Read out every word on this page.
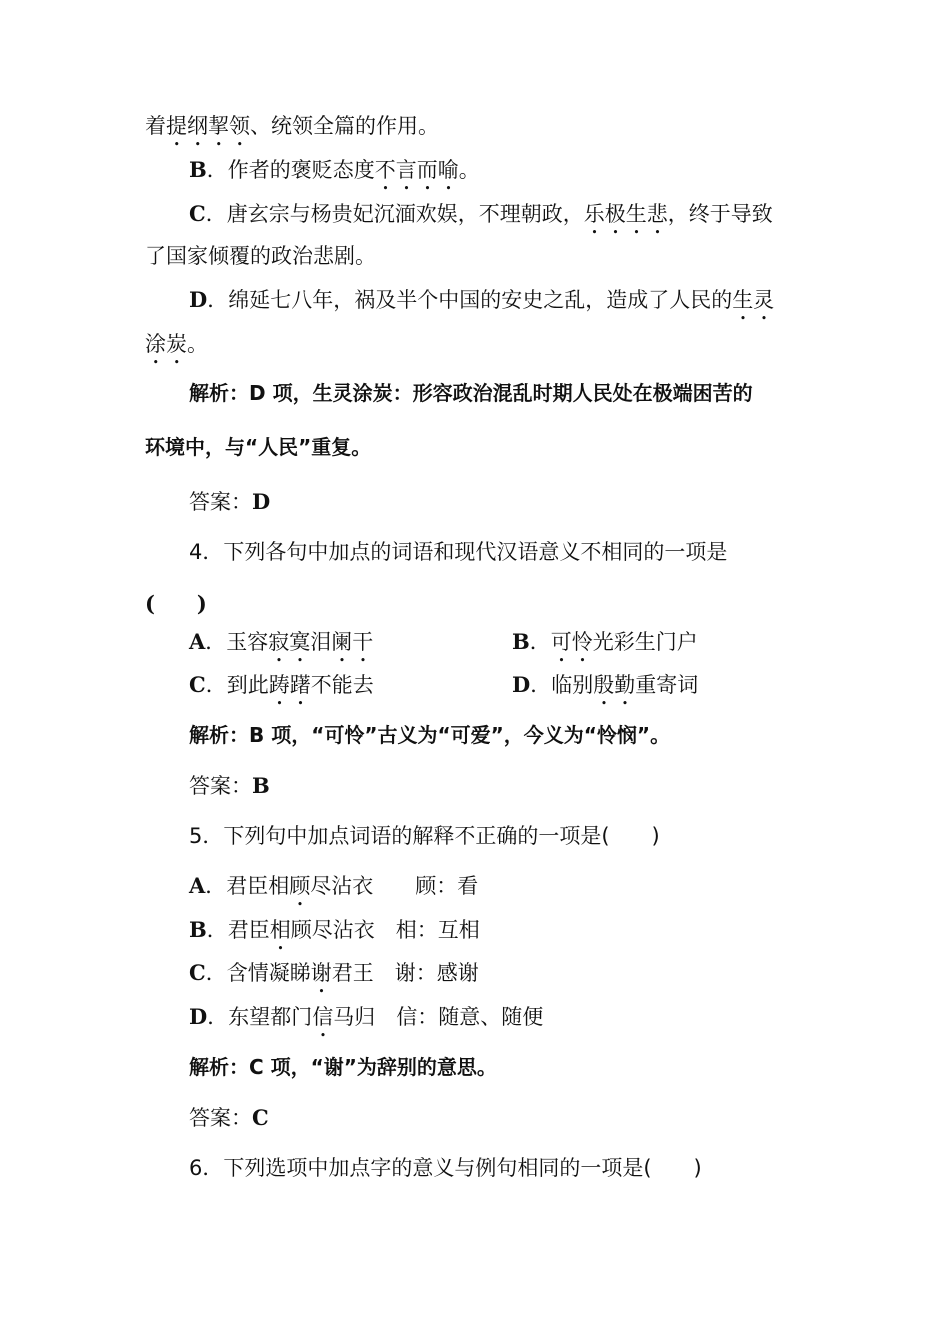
着提纲挈领、统领全篇的作用。
B．作者的褒贬态度不言而喻。
C．唐玄宗与杨贵妃沉湎欢娱，不理朝政，乐极生悲，终于导致
了国家倾覆的政治悲剧。
D．绵延七八年，祸及半个中国的安史之乱，造成了人民的生灵
涂炭。
解析：D 项，生灵涂炭：形容政治混乱时期人民处在极端困苦的
环境中，与“人民”重复。
答案：D
4．下列各句中加点的词语和现代汉语意义不相同的一项是
(　　)
A．玉容寂寞泪阑干	B．可怜光彩生门户
C．到此踌躇不能去	D．临别殷勤重寄词
解析：B 项，“可怜”古义为“可爱”，今义为“怜悯”。
答案：B
5．下列句中加点词语的解释不正确的一项是(　　)
A．君臣相顾尽沾衣　　顾：看
B．君臣相顾尽沾衣　相：互相
C．含情凝睇谢君王　谢：感谢
D．东望都门信马归　信：随意、随便
解析：C 项，“谢”为辞别的意思。
答案：C
6．下列选项中加点字的意义与例句相同的一项是(　　)
